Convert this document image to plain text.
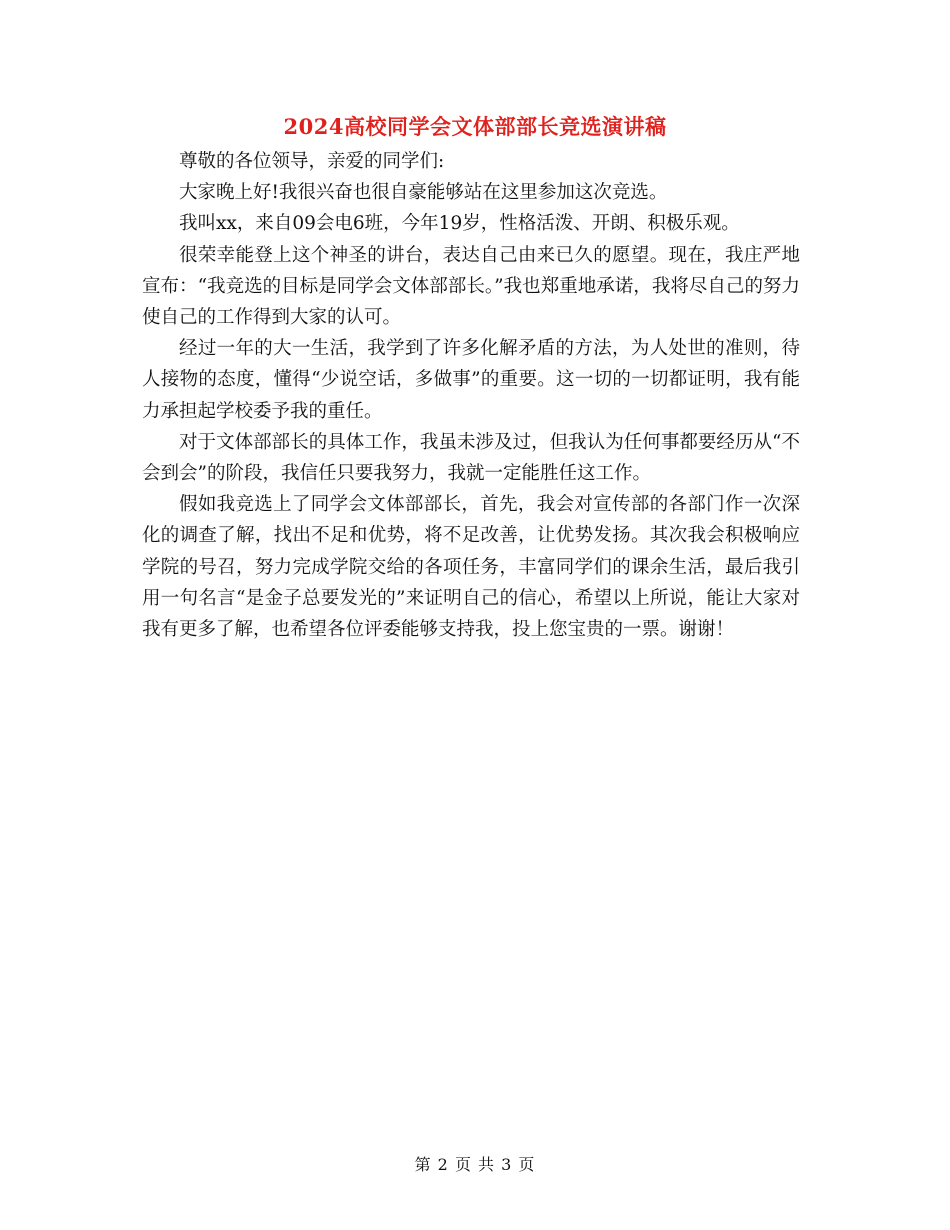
2024高校同学会文体部部长竞选演讲稿

尊敬的各位领导，亲爱的同学们:

大家晚上好!我很兴奋也很自豪能够站在这里参加这次竞选。

我叫xx，来自09会电6班，今年19岁，性格活泼、开朗、积极乐观。

很荣幸能登上这个神圣的讲台，表达自己由来已久的愿望。现在，我庄严地宣布：“我竞选的目标是同学会文体部部长。”我也郑重地承诺，我将尽自己的努力使自己的工作得到大家的认可。

经过一年的大一生活，我学到了许多化解矛盾的方法，为人处世的准则，待人接物的态度，懂得“少说空话，多做事”的重要。这一切的一切都证明，我有能力承担起学校委予我的重任。

对于文体部部长的具体工作，我虽未涉及过，但我认为任何事都要经历从“不会到会”的阶段，我信任只要我努力，我就一定能胜任这工作。

假如我竞选上了同学会文体部部长，首先，我会对宣传部的各部门作一次深化的调查了解，找出不足和优势，将不足改善，让优势发扬。其次我会积极响应学院的号召，努力完成学院交给的各项任务，丰富同学们的课余生活，最后我引用一句名言“是金子总要发光的”来证明自己的信心，希望以上所说，能让大家对我有更多了解，也希望各位评委能够支持我，投上您宝贵的一票。谢谢！

第 2 页 共 3 页
